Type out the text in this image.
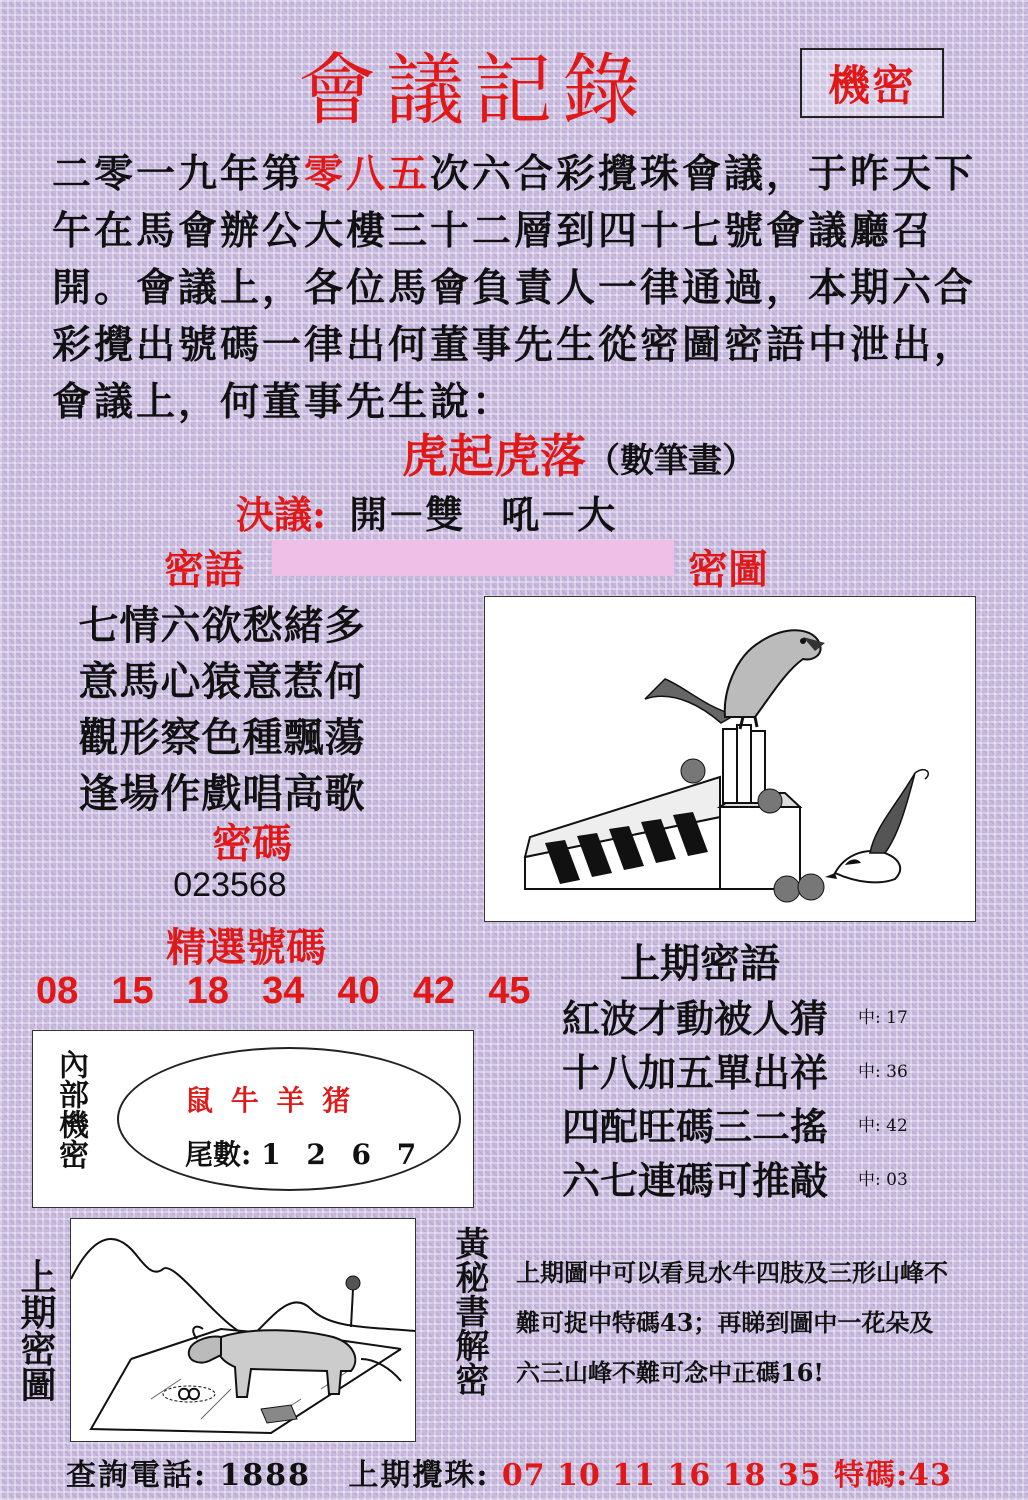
會議記錄	機密
二零一九年第零八五次六合彩攪珠會議，于昨天下午在馬會辦公大樓三十二層到四十七號會議廳召開。會議上，各位馬會負責人一律通過，本期六合彩攪出號碼一律出何董事先生從密圖密語中泄出，會議上，何董事先生說：
虎起虎落（數筆畫）
決議: 開－雙　吼－大
密語	密圖
七情六欲愁緒多
意馬心猿意惹何
觀形察色種飄蕩
逢場作戲唱高歌
密碼
023568
精選號碼
08  15  18  34  40  42  45
上期密語
紅波才動被人猜 中: 17
十八加五單出祥 中: 36
四配旺碼三二搖 中: 42
六七連碼可推敲 中: 03
內部機密	鼠 牛 羊 猪
尾數: 1 2 6 7
上期密圖	黃秘書解密 上期圖中可以看見水牛四肢及三形山峰不難可捉中特碼43；再睇到圖中一花朵及六三山峰不難可念中正碼16!
查詢電話: 1888 上期攪珠: 07 10 11 16 18 35 特碼:43
